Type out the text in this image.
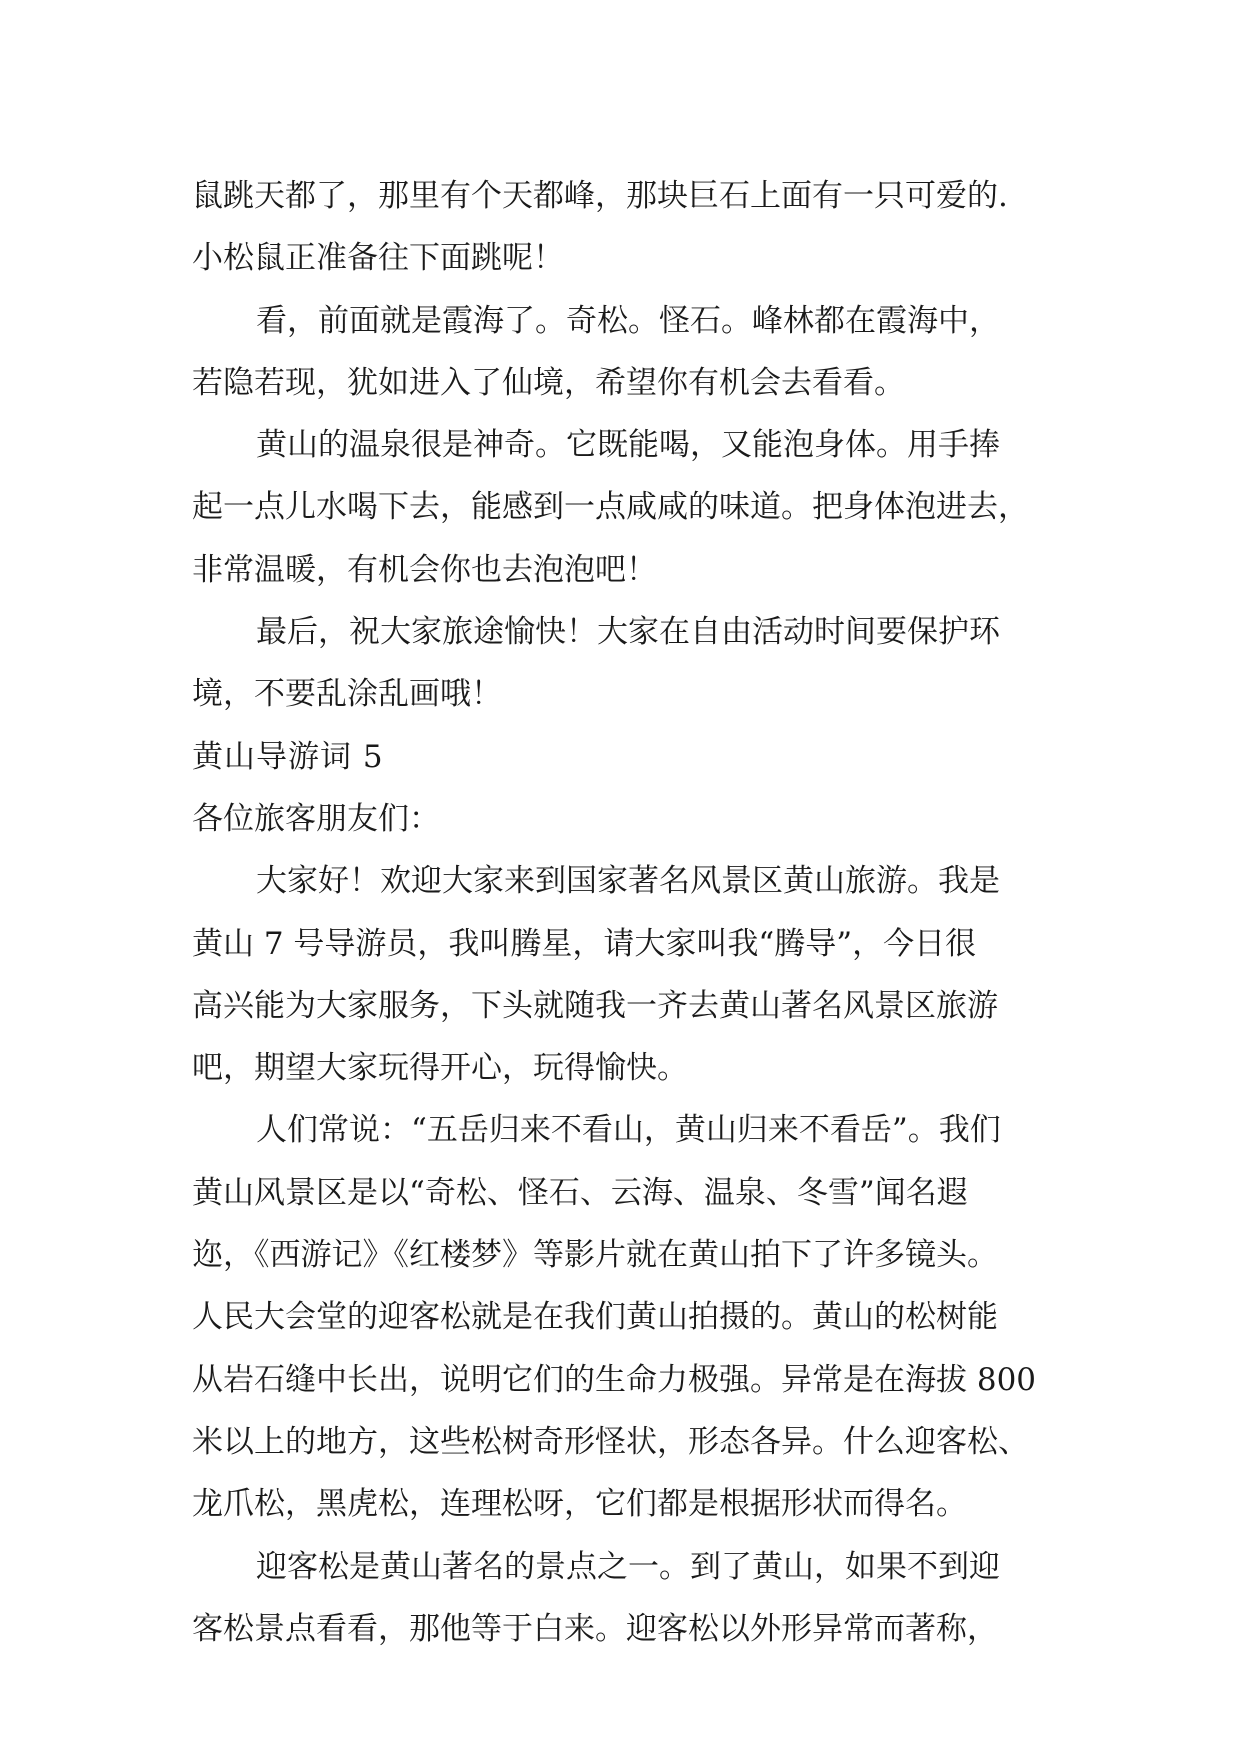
鼠跳天都了，那里有个天都峰，那块巨石上面有一只可爱的.
小松鼠正准备往下面跳呢！
看，前面就是霞海了。奇松。怪石。峰林都在霞海中，
若隐若现，犹如进入了仙境，希望你有机会去看看。
黄山的温泉很是神奇。它既能喝，又能泡身体。用手捧
起一点儿水喝下去，能感到一点咸咸的味道。把身体泡进去，
非常温暖，有机会你也去泡泡吧！
最后，祝大家旅途愉快！大家在自由活动时间要保护环
境，不要乱涂乱画哦！
黄山导游词 5
各位旅客朋友们：
大家好！欢迎大家来到国家著名风景区黄山旅游。我是
黄山 7 号导游员，我叫腾星，请大家叫我“腾导”，今日很
高兴能为大家服务，下头就随我一齐去黄山著名风景区旅游
吧，期望大家玩得开心，玩得愉快。
人们常说：“五岳归来不看山，黄山归来不看岳”。我们
黄山风景区是以“奇松、怪石、云海、温泉、冬雪”闻名遐
迩，《西游记》《红楼梦》等影片就在黄山拍下了许多镜头。
人民大会堂的迎客松就是在我们黄山拍摄的。黄山的松树能
从岩石缝中长出，说明它们的生命力极强。异常是在海拔 800
米以上的地方，这些松树奇形怪状，形态各异。什么迎客松、
龙爪松，黑虎松，连理松呀，它们都是根据形状而得名。
迎客松是黄山著名的景点之一。到了黄山，如果不到迎
客松景点看看，那他等于白来。迎客松以外形异常而著称，
